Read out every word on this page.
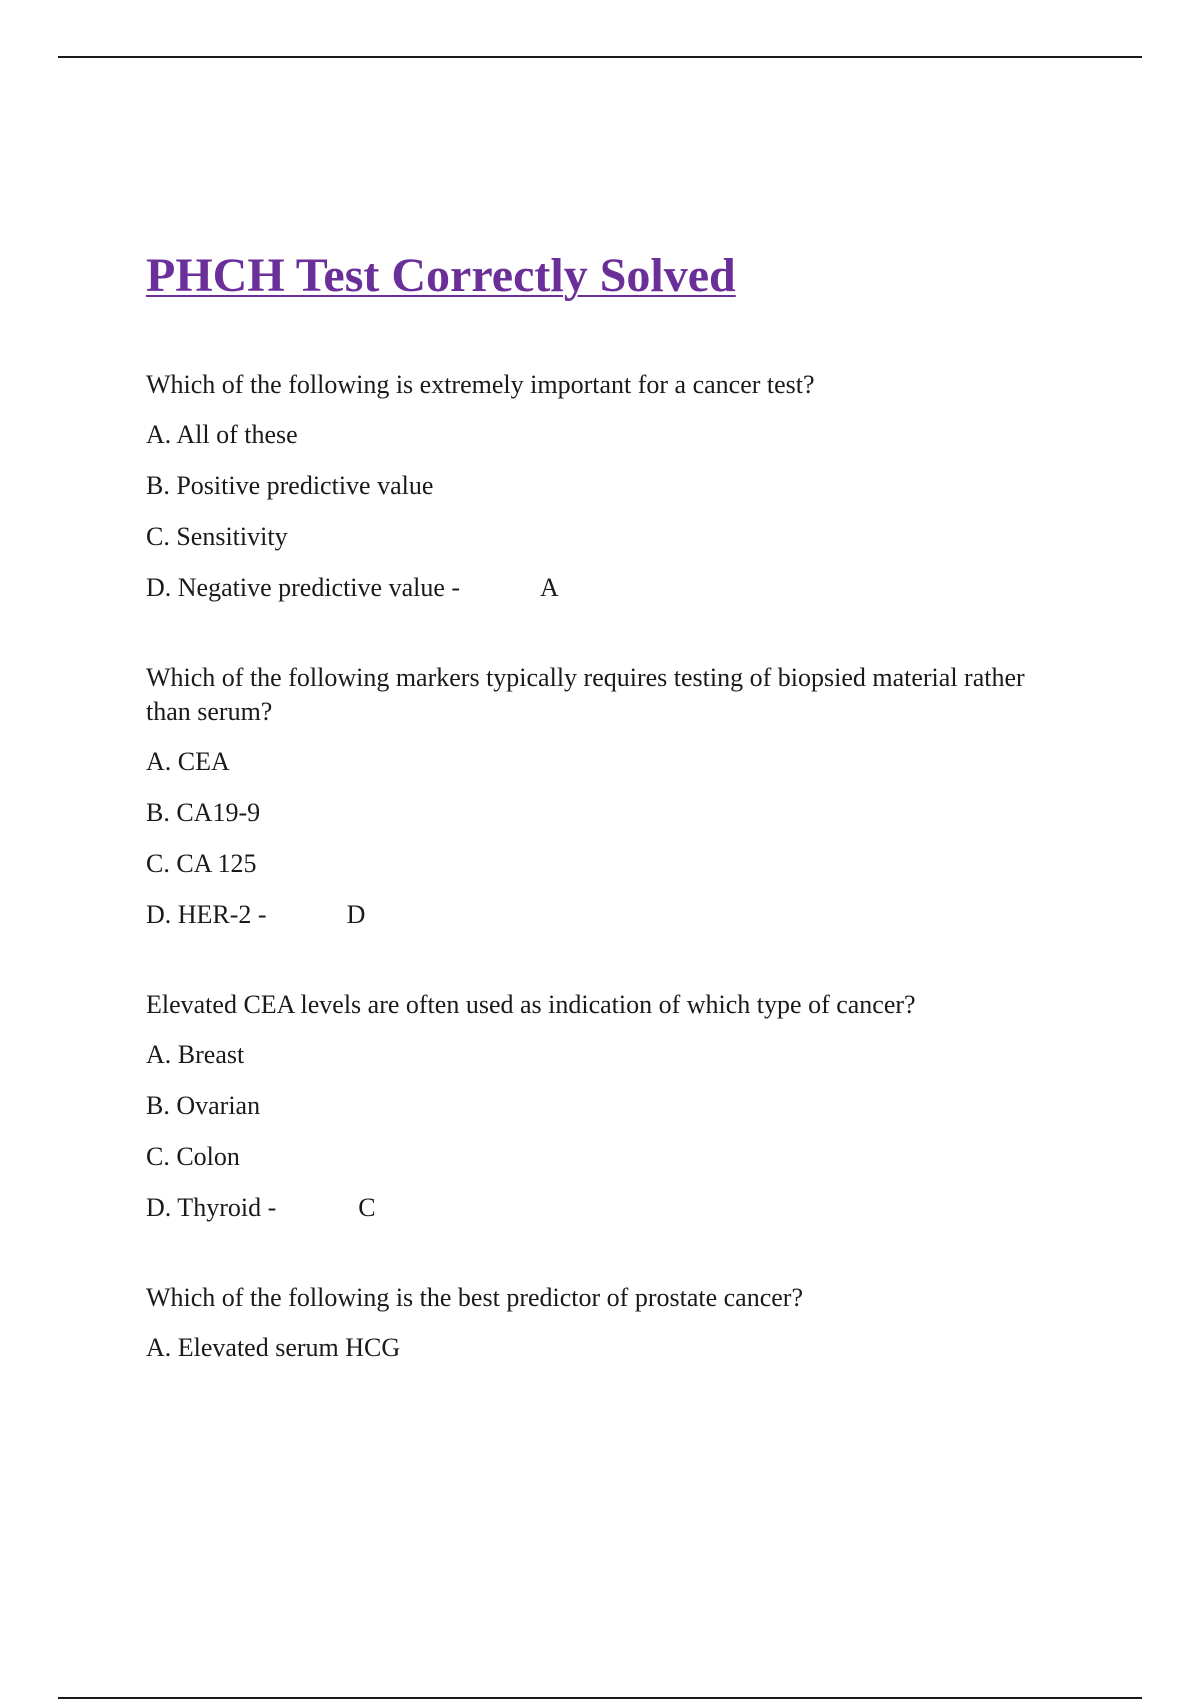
PHCH Test Correctly Solved

Which of the following is extremely important for a cancer test?

A. All of these
B. Positive predictive value
C. Sensitivity
D. Negative predictive value -	A

Which of the following markers typically requires testing of biopsied material rather than serum?

A. CEA
B. CA19-9
C. CA 125
D. HER-2 -	D

Elevated CEA levels are often used as indication of which type of cancer?

A. Breast
B. Ovarian
C. Colon
D. Thyroid -	C

Which of the following is the best predictor of prostate cancer?

A. Elevated serum HCG
